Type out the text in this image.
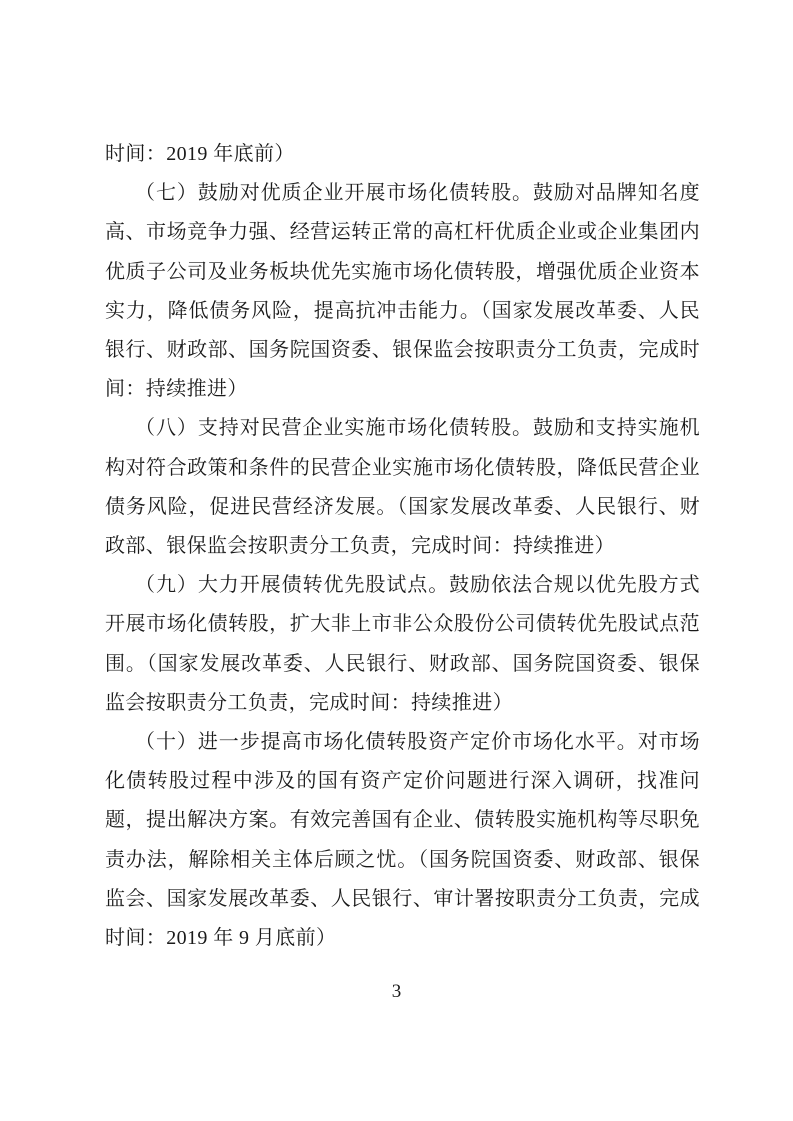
时间：2019 年底前）
（七）鼓励对优质企业开展市场化债转股。鼓励对品牌知名度
高、市场竞争力强、经营运转正常的高杠杆优质企业或企业集团内
优质子公司及业务板块优先实施市场化债转股，增强优质企业资本
实力，降低债务风险，提高抗冲击能力。（国家发展改革委、人民
银行、财政部、国务院国资委、银保监会按职责分工负责，完成时
间：持续推进）
（八）支持对民营企业实施市场化债转股。鼓励和支持实施机
构对符合政策和条件的民营企业实施市场化债转股，降低民营企业
债务风险，促进民营经济发展。（国家发展改革委、人民银行、财
政部、银保监会按职责分工负责，完成时间：持续推进）
（九）大力开展债转优先股试点。鼓励依法合规以优先股方式
开展市场化债转股，扩大非上市非公众股份公司债转优先股试点范
围。（国家发展改革委、人民银行、财政部、国务院国资委、银保
监会按职责分工负责，完成时间：持续推进）
（十）进一步提高市场化债转股资产定价市场化水平。对市场
化债转股过程中涉及的国有资产定价问题进行深入调研，找准问
题，提出解决方案。有效完善国有企业、债转股实施机构等尽职免
责办法，解除相关主体后顾之忧。（国务院国资委、财政部、银保
监会、国家发展改革委、人民银行、审计署按职责分工负责，完成
时间：2019 年 9 月底前）
3
